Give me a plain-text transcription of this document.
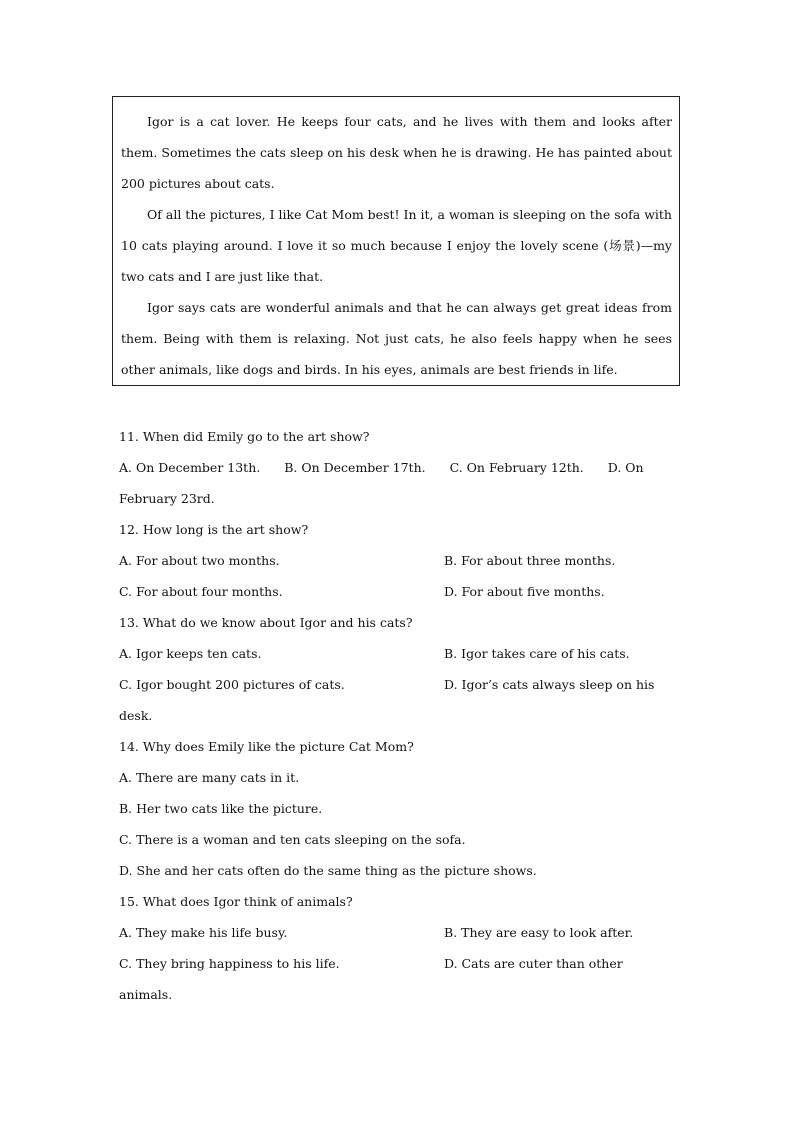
Igor is a cat lover. He keeps four cats, and he lives with them and looks after them. Sometimes the cats sleep on his desk when he is drawing. He has painted about 200 pictures about cats.

Of all the pictures, I like Cat Mom best! In it, a woman is sleeping on the sofa with 10 cats playing around. I love it so much because I enjoy the lovely scene (场景)—my two cats and I are just like that.

Igor says cats are wonderful animals and that he can always get great ideas from them. Being with them is relaxing. Not just cats, he also feels happy when he sees other animals, like dogs and birds. In his eyes, animals are best friends in life.

11. When did Emily go to the art show?
A. On December 13th. B. On December 17th. C. On February 12th. D. On
February 23rd.
12. How long is the art show?
A. For about two months.	B. For about three months.
C. For about four months.	D. For about five months.
13. What do we know about Igor and his cats?
A. Igor keeps ten cats.	B. Igor takes care of his cats.
C. Igor bought 200 pictures of cats.	D. Igor’s cats always sleep on his
desk.
14. Why does Emily like the picture Cat Mom?
A. There are many cats in it.
B. Her two cats like the picture.
C. There is a woman and ten cats sleeping on the sofa.
D. She and her cats often do the same thing as the picture shows.
15. What does Igor think of animals?
A. They make his life busy.	B. They are easy to look after.
C. They bring happiness to his life.	D. Cats are cuter than other
animals.
